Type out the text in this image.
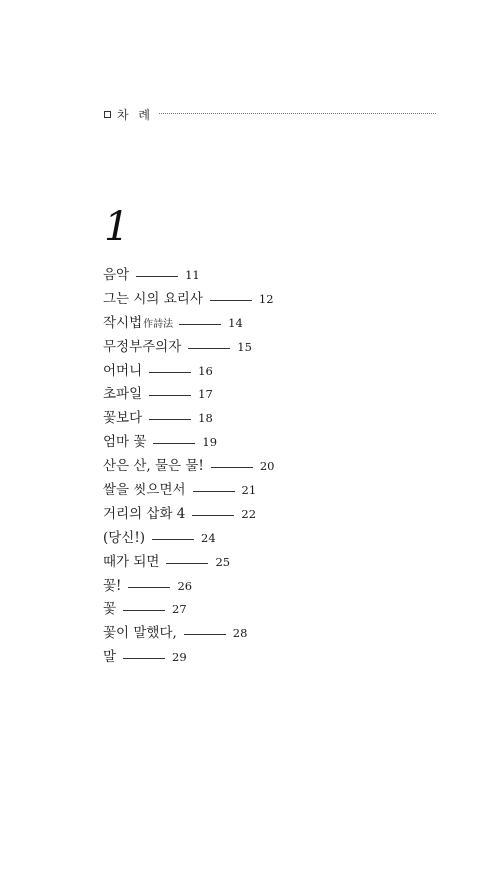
차 례
1
음악	11
그는 시의 요리사	12
작시법 作詩法	14
무정부주의자	15
어머니	16
초파일	17
꽃보다	18
엄마 꽃	19
산은 산, 물은 물!	20
쌀을 씻으면서	21
거리의 삽화 4	22
(당신!)	24
때가 되면	25
꽃!	26
꽃	27
꽃이 말했다,	28
말	29
